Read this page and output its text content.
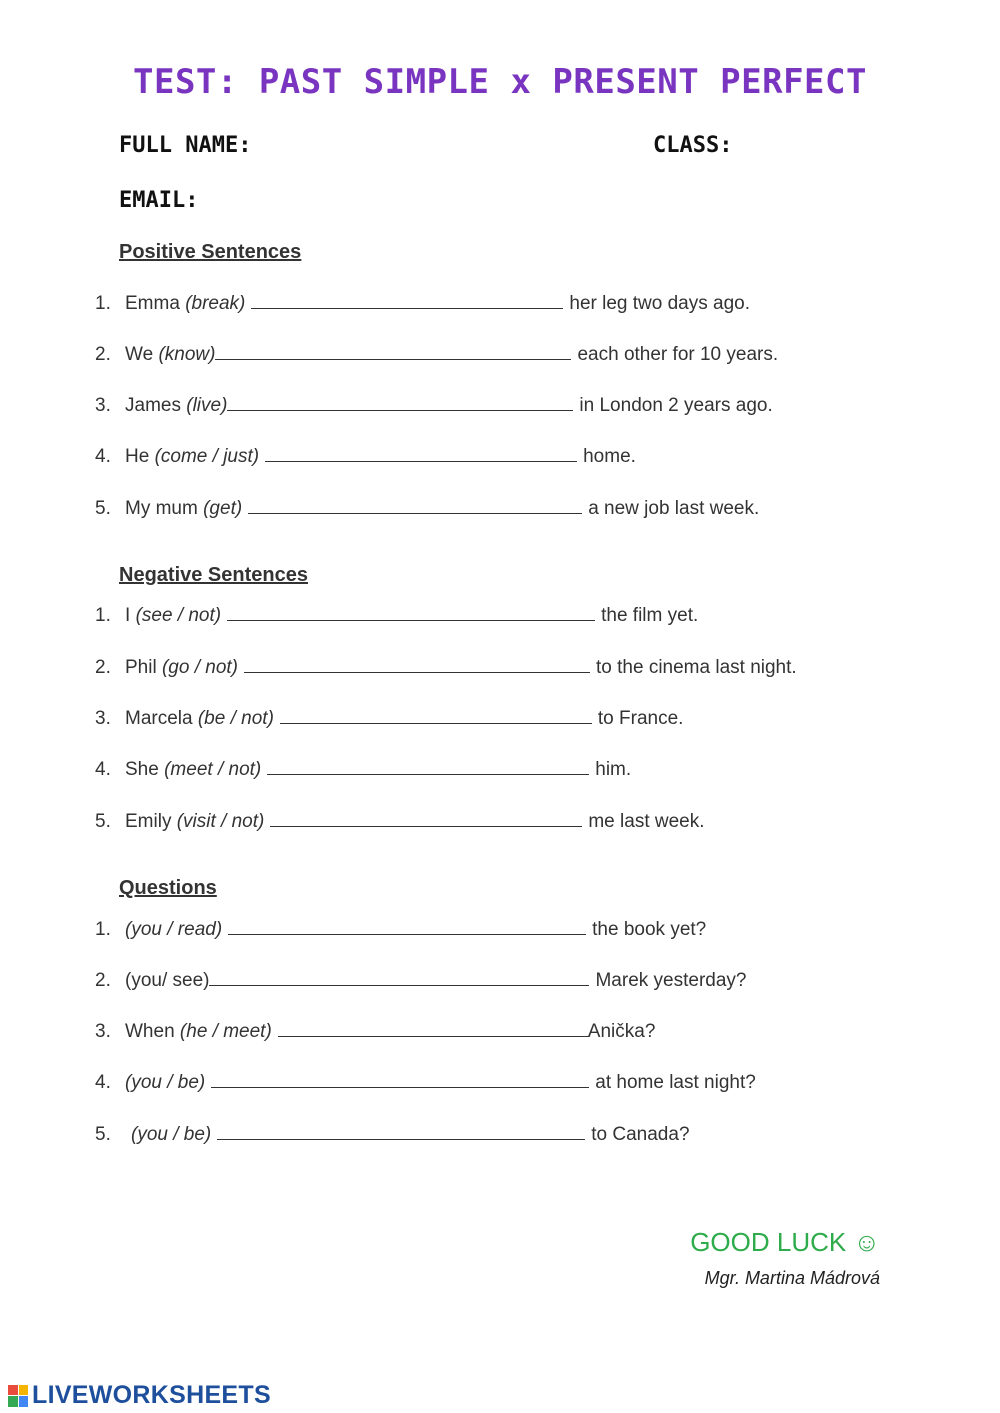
TEST: PAST SIMPLE x PRESENT PERFECT
FULL NAME:	CLASS:
EMAIL:
Positive Sentences
1. Emma
(break)	her leg two days ago.
2. We
(know)	each other for 10 years.
3. James
(live)	in London 2 years ago.
4. He
(come / just)	home.
5. My mum
(get)	a new job last week.
Negative Sentences
1. I
(see / not)	the film yet.
2. Phil
(go / not)	to the cinema last night.
3. Marcela
(be / not)	to France.
4. She
(meet / not)	him.
5. Emily
(visit / not)	me last week.
Questions
1. (you / read)	the book yet?
2. (you/ see)	Marek yesterday?
3. When
(he / meet)	Anička?
4. (you / be)	at home last night?
5.	(you / be)	to Canada?
GOOD LUCK ☺
Mgr. Martina Mádrová
LIVEWORKSHEETS
